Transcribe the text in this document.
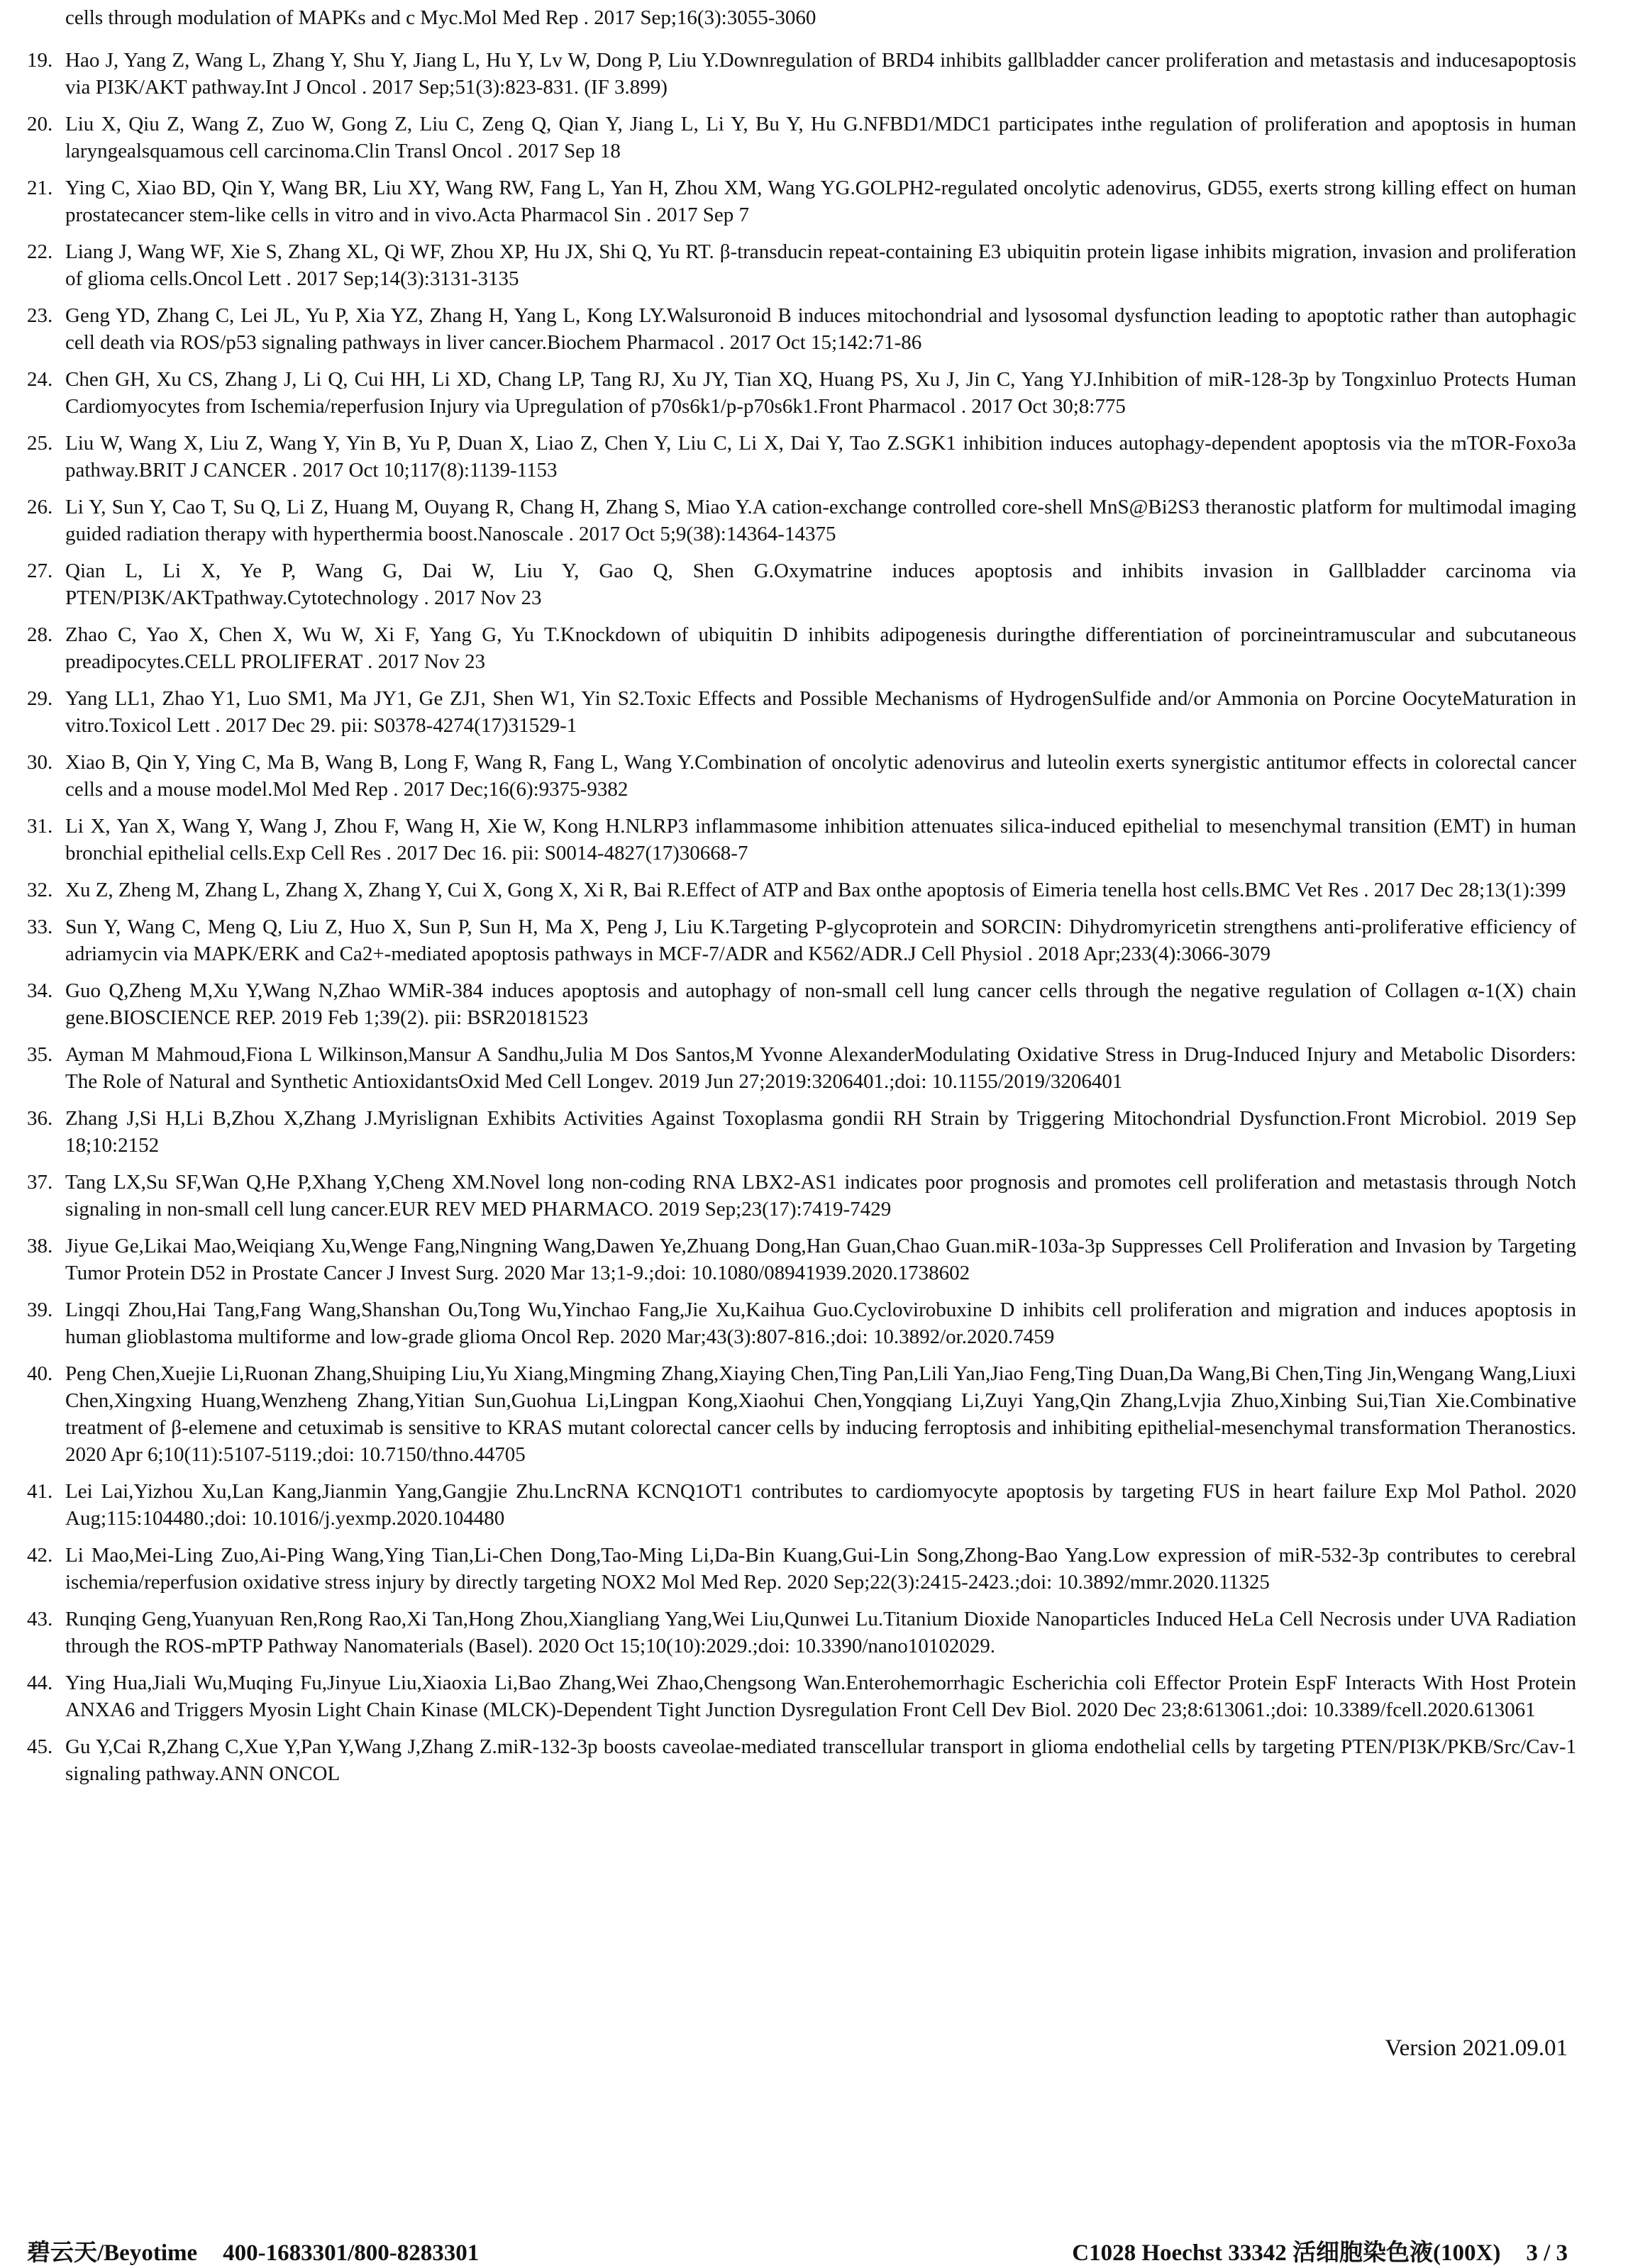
cells through modulation of MAPKs and c Myc.Mol Med Rep . 2017 Sep;16(3):3055-3060

19. Hao J, Yang Z, Wang L, Zhang Y, Shu Y, Jiang L, Hu Y, Lv W, Dong P, Liu Y.Downregulation of BRD4 inhibits gallbladder cancer proliferation and metastasis and inducesapoptosis via PI3K/AKT pathway.Int J Oncol . 2017 Sep;51(3):823-831. (IF 3.899)
20. Liu X, Qiu Z, Wang Z, Zuo W, Gong Z, Liu C, Zeng Q, Qian Y, Jiang L, Li Y, Bu Y, Hu G.NFBD1/MDC1 participates inthe regulation of proliferation and apoptosis in human laryngealsquamous cell carcinoma.Clin Transl Oncol . 2017 Sep 18
21. Ying C, Xiao BD, Qin Y, Wang BR, Liu XY, Wang RW, Fang L, Yan H, Zhou XM, Wang YG.GOLPH2-regulated oncolytic adenovirus, GD55, exerts strong killing effect on human prostatecancer stem-like cells in vitro and in vivo.Acta Pharmacol Sin . 2017 Sep 7
22. Liang J, Wang WF, Xie S, Zhang XL, Qi WF, Zhou XP, Hu JX, Shi Q, Yu RT. β-transducin repeat-containing E3 ubiquitin protein ligase inhibits migration, invasion and proliferation of glioma cells.Oncol Lett . 2017 Sep;14(3):3131-3135
23. Geng YD, Zhang C, Lei JL, Yu P, Xia YZ, Zhang H, Yang L, Kong LY.Walsuronoid B induces mitochondrial and lysosomal dysfunction leading to apoptotic rather than autophagic cell death via ROS/p53 signaling pathways in liver cancer.Biochem Pharmacol . 2017 Oct 15;142:71-86
24. Chen GH, Xu CS, Zhang J, Li Q, Cui HH, Li XD, Chang LP, Tang RJ, Xu JY, Tian XQ, Huang PS, Xu J, Jin C, Yang YJ.Inhibition of miR-128-3p by Tongxinluo Protects Human Cardiomyocytes from Ischemia/reperfusion Injury via Upregulation of p70s6k1/p-p70s6k1.Front Pharmacol . 2017 Oct 30;8:775
25. Liu W, Wang X, Liu Z, Wang Y, Yin B, Yu P, Duan X, Liao Z, Chen Y, Liu C, Li X, Dai Y, Tao Z.SGK1 inhibition induces autophagy-dependent apoptosis via the mTOR-Foxo3a pathway.BRIT J CANCER . 2017 Oct 10;117(8):1139-1153
26. Li Y, Sun Y, Cao T, Su Q, Li Z, Huang M, Ouyang R, Chang H, Zhang S, Miao Y.A cation-exchange controlled core-shell MnS@Bi2S3 theranostic platform for multimodal imaging guided radiation therapy with hyperthermia boost.Nanoscale . 2017 Oct 5;9(38):14364-14375
27. Qian L, Li X, Ye P, Wang G, Dai W, Liu Y, Gao Q, Shen G.Oxymatrine induces apoptosis and inhibits invasion in Gallbladder carcinoma via PTEN/PI3K/AKTpathway.Cytotechnology . 2017 Nov 23
28. Zhao C, Yao X, Chen X, Wu W, Xi F, Yang G, Yu T.Knockdown of ubiquitin D inhibits adipogenesis duringthe differentiation of porcineintramuscular and subcutaneous preadipocytes.CELL PROLIFERAT . 2017 Nov 23
29. Yang LL1, Zhao Y1, Luo SM1, Ma JY1, Ge ZJ1, Shen W1, Yin S2.Toxic Effects and Possible Mechanisms of HydrogenSulfide and/or Ammonia on Porcine OocyteMaturation in vitro.Toxicol Lett . 2017 Dec 29. pii: S0378-4274(17)31529-1
30. Xiao B, Qin Y, Ying C, Ma B, Wang B, Long F, Wang R, Fang L, Wang Y.Combination of oncolytic adenovirus and luteolin exerts synergistic antitumor effects in colorectal cancer cells and a mouse model.Mol Med Rep . 2017 Dec;16(6):9375-9382
31. Li X, Yan X, Wang Y, Wang J, Zhou F, Wang H, Xie W, Kong H.NLRP3 inflammasome inhibition attenuates silica-induced epithelial to mesenchymal transition (EMT) in human bronchial epithelial cells.Exp Cell Res . 2017 Dec 16. pii: S0014-4827(17)30668-7
32. Xu Z, Zheng M, Zhang L, Zhang X, Zhang Y, Cui X, Gong X, Xi R, Bai R.Effect of ATP and Bax onthe apoptosis of Eimeria tenella host cells.BMC Vet Res . 2017 Dec 28;13(1):399
33. Sun Y, Wang C, Meng Q, Liu Z, Huo X, Sun P, Sun H, Ma X, Peng J, Liu K.Targeting P-glycoprotein and SORCIN: Dihydromyricetin strengthens anti-proliferative efficiency of adriamycin via MAPK/ERK and Ca2+-mediated apoptosis pathways in MCF-7/ADR and K562/ADR.J Cell Physiol . 2018 Apr;233(4):3066-3079
34. Guo Q,Zheng M,Xu Y,Wang N,Zhao WMiR-384 induces apoptosis and autophagy of non-small cell lung cancer cells through the negative regulation of Collagen α-1(X) chain gene.BIOSCIENCE REP. 2019 Feb 1;39(2). pii: BSR20181523
35. Ayman M Mahmoud,Fiona L Wilkinson,Mansur A Sandhu,Julia M Dos Santos,M Yvonne AlexanderModulating Oxidative Stress in Drug-Induced Injury and Metabolic Disorders: The Role of Natural and Synthetic AntioxidantsOxid Med Cell Longev. 2019 Jun 27;2019:3206401.;doi: 10.1155/2019/3206401
36. Zhang J,Si H,Li B,Zhou X,Zhang J.Myrislignan Exhibits Activities Against Toxoplasma gondii RH Strain by Triggering Mitochondrial Dysfunction.Front Microbiol. 2019 Sep 18;10:2152
37. Tang LX,Su SF,Wan Q,He P,Xhang Y,Cheng XM.Novel long non-coding RNA LBX2-AS1 indicates poor prognosis and promotes cell proliferation and metastasis through Notch signaling in non-small cell lung cancer.EUR REV MED PHARMACO. 2019 Sep;23(17):7419-7429
38. Jiyue Ge,Likai Mao,Weiqiang Xu,Wenge Fang,Ningning Wang,Dawen Ye,Zhuang Dong,Han Guan,Chao Guan.miR-103a-3p Suppresses Cell Proliferation and Invasion by Targeting Tumor Protein D52 in Prostate Cancer J Invest Surg. 2020 Mar 13;1-9.;doi: 10.1080/08941939.2020.1738602
39. Lingqi Zhou,Hai Tang,Fang Wang,Shanshan Ou,Tong Wu,Yinchao Fang,Jie Xu,Kaihua Guo.Cyclovirobuxine D inhibits cell proliferation and migration and induces apoptosis in human glioblastoma multiforme and low-grade glioma Oncol Rep. 2020 Mar;43(3):807-816.;doi: 10.3892/or.2020.7459
40. Peng Chen,Xuejie Li,Ruonan Zhang,Shuiping Liu,Yu Xiang,Mingming Zhang,Xiaying Chen,Ting Pan,Lili Yan,Jiao Feng,Ting Duan,Da Wang,Bi Chen,Ting Jin,Wengang Wang,Liuxi Chen,Xingxing Huang,Wenzheng Zhang,Yitian Sun,Guohua Li,Lingpan Kong,Xiaohui Chen,Yongqiang Li,Zuyi Yang,Qin Zhang,Lvjia Zhuo,Xinbing Sui,Tian Xie.Combinative treatment of β-elemene and cetuximab is sensitive to KRAS mutant colorectal cancer cells by inducing ferroptosis and inhibiting epithelial-mesenchymal transformation Theranostics. 2020 Apr 6;10(11):5107-5119.;doi: 10.7150/thno.44705
41. Lei Lai,Yizhou Xu,Lan Kang,Jianmin Yang,Gangjie Zhu.LncRNA KCNQ1OT1 contributes to cardiomyocyte apoptosis by targeting FUS in heart failure Exp Mol Pathol. 2020 Aug;115:104480.;doi: 10.1016/j.yexmp.2020.104480
42. Li Mao,Mei-Ling Zuo,Ai-Ping Wang,Ying Tian,Li-Chen Dong,Tao-Ming Li,Da-Bin Kuang,Gui-Lin Song,Zhong-Bao Yang.Low expression of miR-532-3p contributes to cerebral ischemia/reperfusion oxidative stress injury by directly targeting NOX2 Mol Med Rep. 2020 Sep;22(3):2415-2423.;doi: 10.3892/mmr.2020.11325
43. Runqing Geng,Yuanyuan Ren,Rong Rao,Xi Tan,Hong Zhou,Xiangliang Yang,Wei Liu,Qunwei Lu.Titanium Dioxide Nanoparticles Induced HeLa Cell Necrosis under UVA Radiation through the ROS-mPTP Pathway Nanomaterials (Basel). 2020 Oct 15;10(10):2029.;doi: 10.3390/nano10102029.
44. Ying Hua,Jiali Wu,Muqing Fu,Jinyue Liu,Xiaoxia Li,Bao Zhang,Wei Zhao,Chengsong Wan.Enterohemorrhagic Escherichia coli Effector Protein EspF Interacts With Host Protein ANXA6 and Triggers Myosin Light Chain Kinase (MLCK)-Dependent Tight Junction Dysregulation Front Cell Dev Biol. 2020 Dec 23;8:613061.;doi: 10.3389/fcell.2020.613061
45. Gu Y,Cai R,Zhang C,Xue Y,Pan Y,Wang J,Zhang Z.miR-132-3p boosts caveolae-mediated transcellular transport in glioma endothelial cells by targeting PTEN/PI3K/PKB/Src/Cav-1 signaling pathway.ANN ONCOL
Version 2021.09.01
碧云天/Beyotime 400-1683301/800-8283301	C1028 Hoechst 33342 活细胞染色液(100X) 3 / 3
